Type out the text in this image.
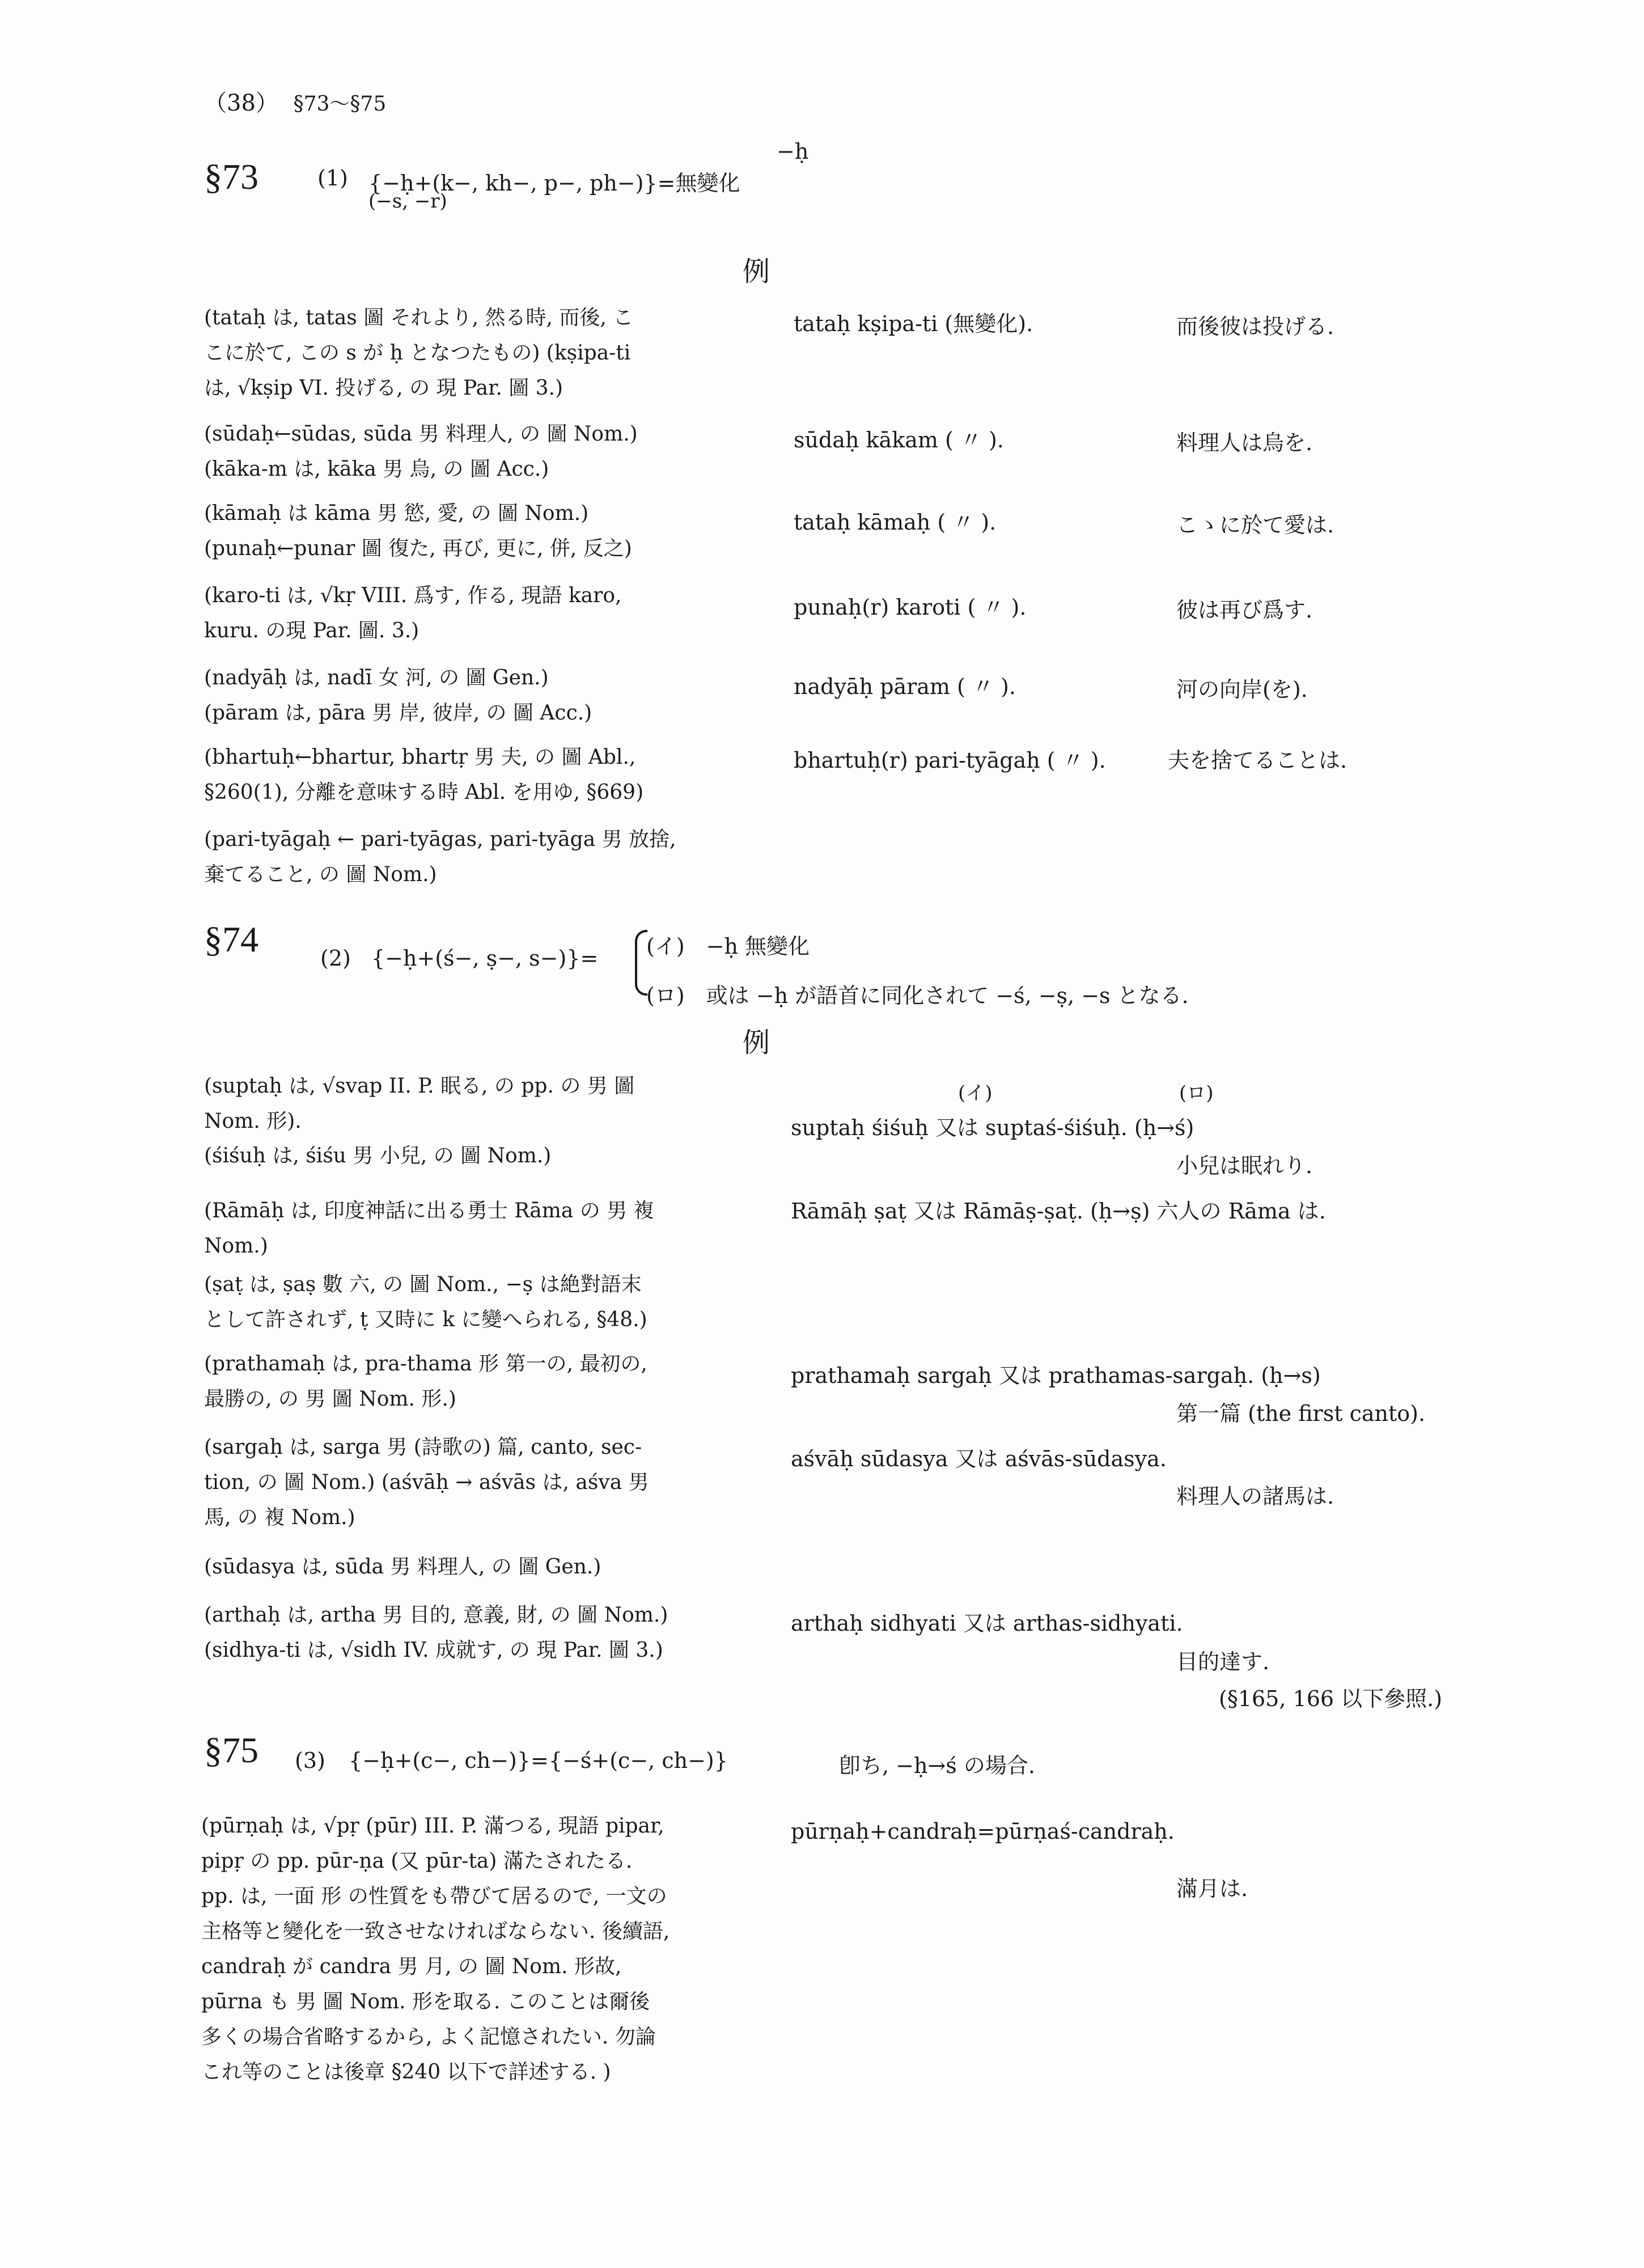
（38） §73〜§75
§73	(1) {−ḥ+(k−, kh−, p−, ph−)}=無變化
−ḥ
(−s, −r)
例
(tataḥ は, tatas 圖 それより, 然る時, 而後, こ
こに於て, この s が ḥ となつたもの) (kṣipa-ti
は, √kṣip VI. 投げる, の 現 Par. 圖 3.)
(sūdaḥ←sūdas, sūda 男 料理人, の 圖 Nom.)
(kāka-m は, kāka 男 烏, の 圖 Acc.)
(kāmaḥ は kāma 男 慾, 愛, の 圖 Nom.)
(punaḥ←punar 圖 復た, 再び, 更に, 併, 反之)
(karo-ti は, √kṛ VIII. 爲す, 作る, 現語 karo,
kuru. の現 Par. 圖. 3.)
(nadyāḥ は, nadī 女 河, の 圖 Gen.)
(pāram は, pāra 男 岸, 彼岸, の 圖 Acc.)
(bhartuḥ←bhartur, bhartṛ 男 夫, の 圖 Abl.,
§260(1), 分離を意味する時 Abl. を用ゆ, §669)
(pari-tyāgaḥ ← pari-tyāgas, pari-tyāga 男 放捨,
棄てること, の 圖 Nom.)
tataḥ kṣipa-ti (無變化).	而後彼は投げる.
sūdaḥ kākam ( 〃 ).	料理人は烏を.
tataḥ kāmaḥ ( 〃 ).	こゝに於て愛は.
punaḥ(r) karoti ( 〃 ).	彼は再び爲す.
nadyāḥ pāram ( 〃 ).	河の向岸(を).
bhartuḥ(r) pari-tyāgaḥ ( 〃 ).	夫を捨てることは.
§74	(2) {−ḥ+(ś−, ṣ−, s−)}= (イ)　−ḥ 無變化
(ロ)　或は −ḥ が語首に同化されて −ś, −ṣ, −s となる.
例
(suptaḥ は, √svap II. P. 眠る, の pp. の 男 圖
Nom. 形).
(śiśuḥ は, śiśu 男 小兒, の 圖 Nom.)
(Rāmāḥ は, 印度神話に出る勇士 Rāma の 男 複
Nom.)
(ṣaṭ は, ṣaṣ 數 六, の 圖 Nom., −ṣ は絶對語末
として許されず, ṭ 又時に k に變へられる, §48.)
(prathamaḥ は, pra-thama 形 第一の, 最初の,
最勝の, の 男 圖 Nom. 形.)
(sargaḥ は, sarga 男 (詩歌の) 篇, canto, sec-
tion, の 圖 Nom.) (aśvāḥ → aśvās は, aśva 男
馬, の 複 Nom.)
(sūdasya は, sūda 男 料理人, の 圖 Gen.)
(arthaḥ は, artha 男 目的, 意義, 財, の 圖 Nom.)
(sidhya-ti は, √sidh IV. 成就す, の 現 Par. 圖 3.)
(イ)	(ロ)
suptaḥ śiśuḥ 又は suptaś-śiśuḥ. (ḥ→ś)
小兒は眠れり.
Rāmāḥ ṣaṭ 又は Rāmāṣ-ṣaṭ. (ḥ→ṣ) 六人の Rāma は.
prathamaḥ sargaḥ 又は prathamas-sargaḥ. (ḥ→s)
第一篇 (the first canto).
aśvāḥ sūdasya 又は aśvās-sūdasya.
料理人の諸馬は.
arthaḥ sidhyati 又は arthas-sidhyati.
目的達す.
(§165, 166 以下參照.)
§75 (3) {−ḥ+(c−, ch−)}={−ś+(c−, ch−)}	卽ち, −ḥ→ś の場合.
(pūrṇaḥ は, √pṛ (pūr) III. P. 滿つる, 現語 pipar,
pipṛ の pp. pūr-ṇa (又 pūr-ta) 滿たされたる.
pp. は, 一面 形 の性質をも帶びて居るので, 一文の
主格等と變化を一致させなければならない. 後續語,
candraḥ が candra 男 月, の 圖 Nom. 形故,
pūrna も 男 圖 Nom. 形を取る. このことは爾後
多くの場合省略するから, よく記憶されたい. 勿論
これ等のことは後章 §240 以下で詳述する. )
pūrṇaḥ+candraḥ=pūrṇaś-candraḥ.
滿月は.
